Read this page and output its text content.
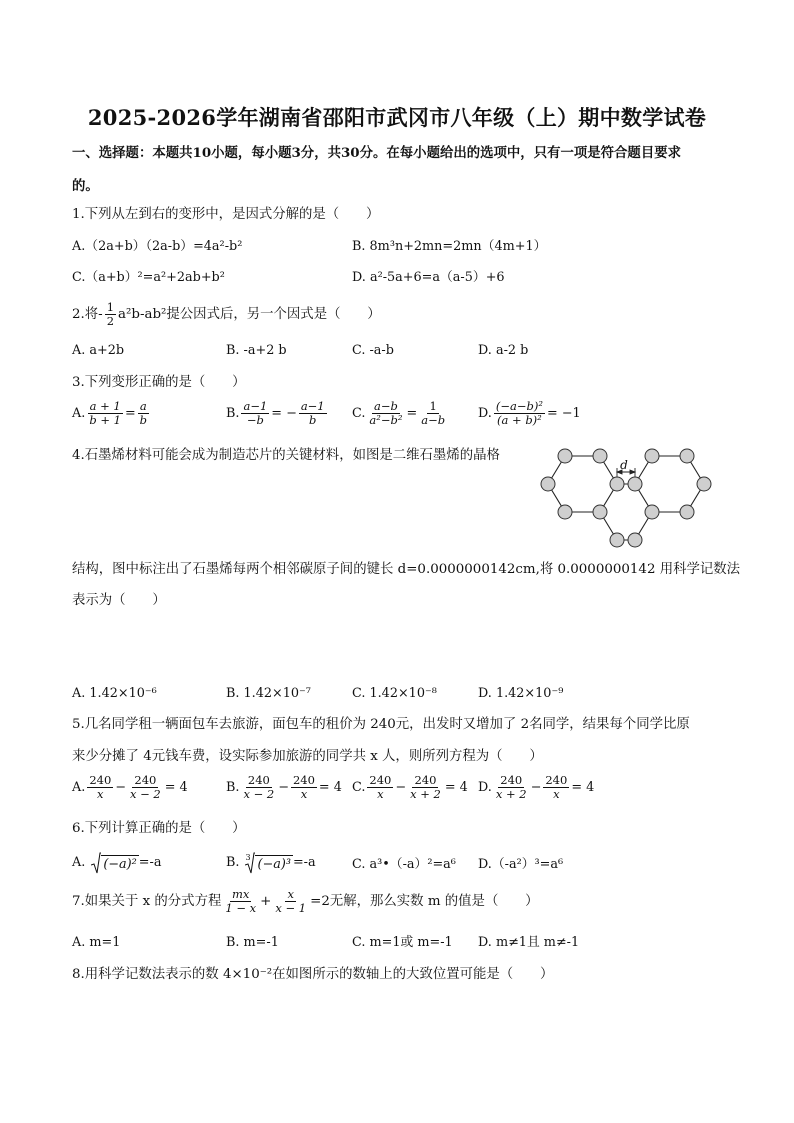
2025-2026学年湖南省邵阳市武冈市八年级（上）期中数学试卷
一、选择题：本题共10小题，每小题3分，共30分。在每小题给出的选项中，只有一项是符合题目要求
的。
1.下列从左到右的变形中，是因式分解的是（　　）
A.（2a+b）（2a-b）=4a²-b²	B. 8m³n+2mn=2mn（4m+1）
C.（a+b）²=a²+2ab+b²	D. a²-5a+6=a（a-5）+6
2.将- $\frac{1}{2} a^2b-ab^2$提公因式后，另一个因式是（　　）
A. a+2b	B. -a+2 b	C. -a-b	D. a-2 b
3.下列变形正确的是（　　）
A. $\frac{a + 1}{b + 1} = \frac{a}{b}$	B. $\frac{a-1}{-b}$ = − $\frac{a-1}{b} C$. $\frac{a-b}{\text{a²−b²}} = \frac{1}{a-b} D$. $\frac{\text{(−a−b)²}}{\text{(a + b)²}} = -1$
4.石墨烯材料可能会成为制造芯片的关键材料，如图是二维石墨烯的晶格
d
结构，图中标注出了石墨烯每两个相邻碳原子间的键长 d=0.0000000142cm,将 0.0000000142 用科学记数法
表示为（　　）
A. 1.42×10⁻⁶	B. 1.42×10⁻⁷	C. 1.42×10⁻⁸	D. 1.42×10⁻⁹
5.几名同学租一辆面包车去旅游，面包车的租价为 240元，出发时又增加了 2名同学，结果每个同学比原
来少分摊了 4元钱车费，设实际参加旅游的同学共 x 人，则所列方程为（　　）
A. $\frac{240}{x} - \frac{240}{x - 2} = 4$	B. $\frac{240}{x - 2} - \frac{240}{x} = 4$ C. $\frac{240}{x} - \frac{240}{x + 2} = 4$ D. $\frac{240}{x + 2} - \frac{240}{x} = 4$
6.下列计算正确的是（　　）
A. (−a)² =-a	B. 3 (−a)³ =-a	C. a³•（-a）²=a⁶ D.（-a²）³=a⁶
7.如果关于 x 的分式方程 $\frac{mx}{1 - x} + \frac{x}{x - 1} =2$无解，那么实数 m 的值是（　　）
A. m=1	B. m=-1	C. m=1或 m=-1 D. m≠1且 m≠-1
8.用科学记数法表示的数 4×10⁻²在如图所示的数轴上的大致位置可能是（　　）
